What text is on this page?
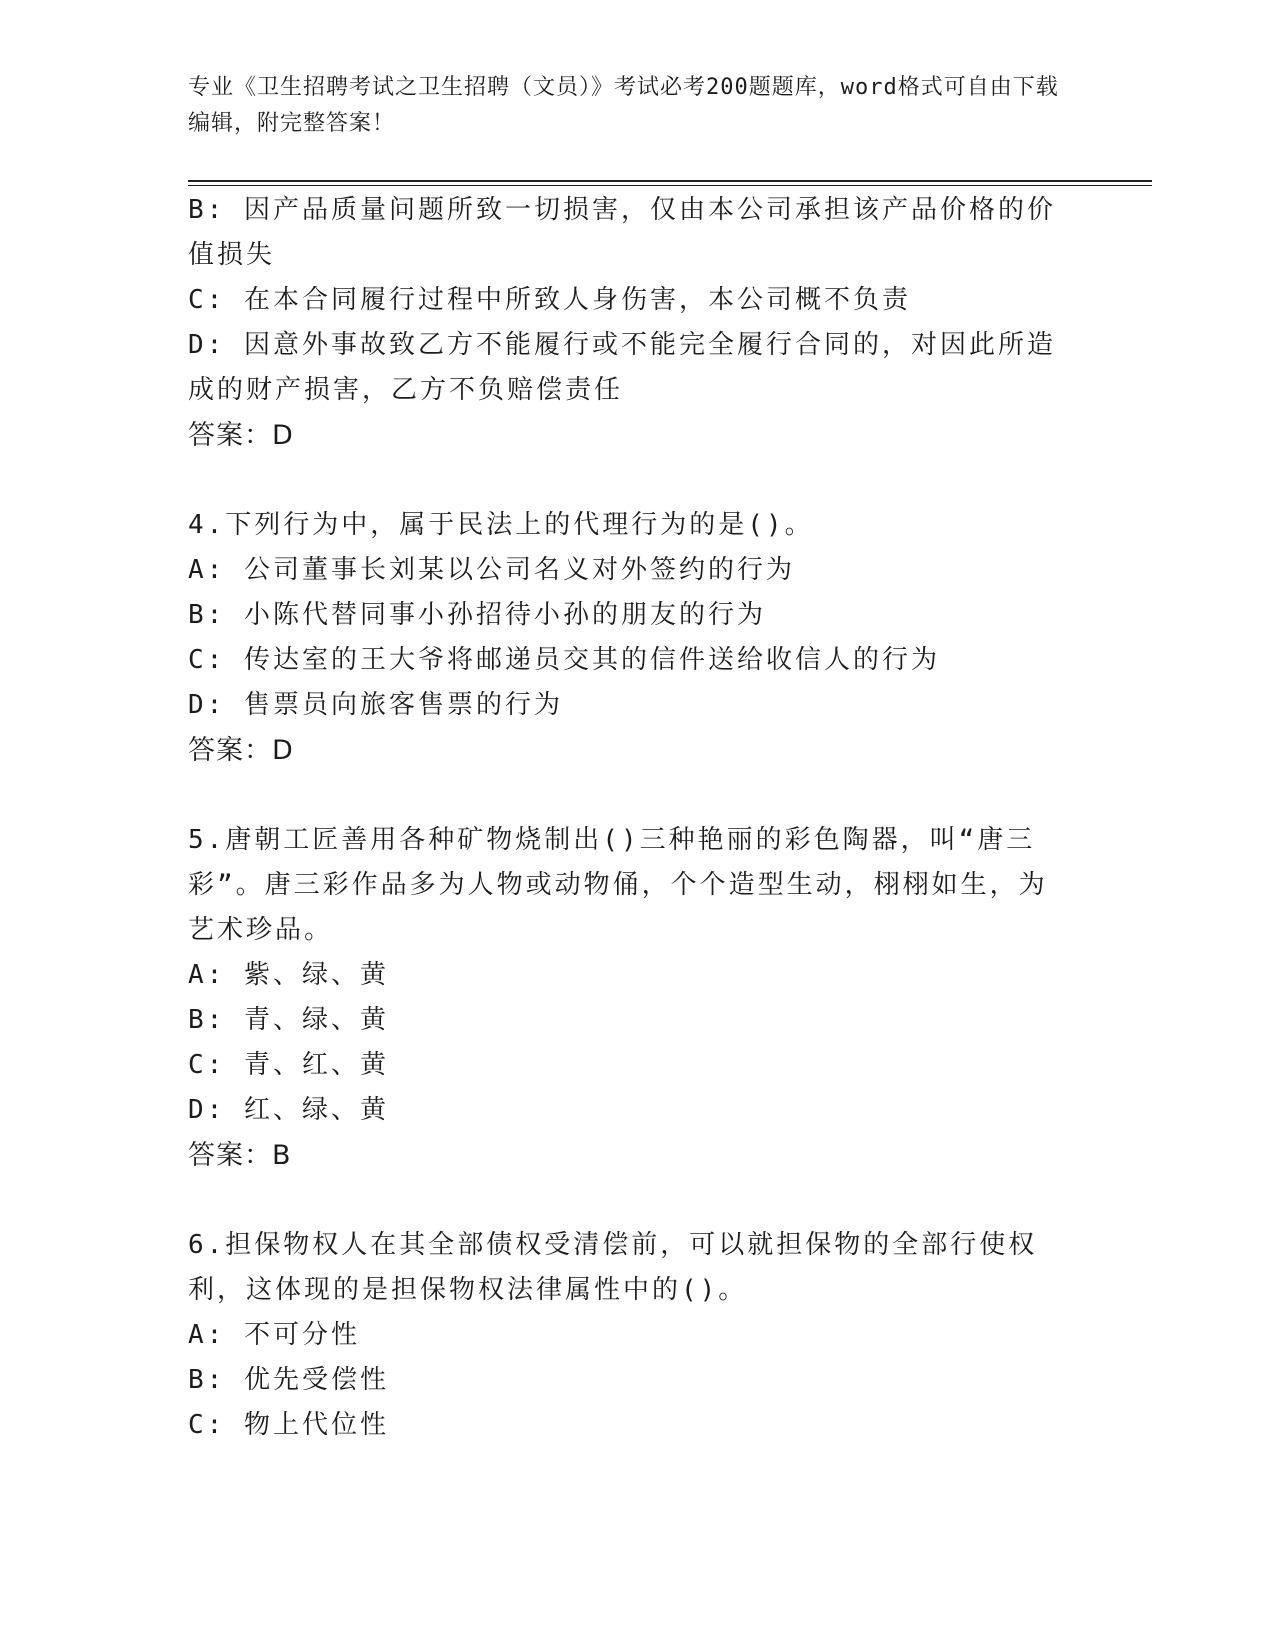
专业《卫生招聘考试之卫生招聘（文员）》考试必考200题题库，word格式可自由下载编辑，附完整答案！

B: 因产品质量问题所致一切损害，仅由本公司承担该产品价格的价值损失

C: 在本合同履行过程中所致人身伤害，本公司概不负责

D: 因意外事故致乙方不能履行或不能完全履行合同的，对因此所造成的财产损害，乙方不负赔偿责任

答案：D

4.下列行为中，属于民法上的代理行为的是()。

A: 公司董事长刘某以公司名义对外签约的行为

B: 小陈代替同事小孙招待小孙的朋友的行为

C: 传达室的王大爷将邮递员交其的信件送给收信人的行为

D: 售票员向旅客售票的行为

答案：D

5.唐朝工匠善用各种矿物烧制出()三种艳丽的彩色陶器，叫“唐三彩”。唐三彩作品多为人物或动物俑，个个造型生动，栩栩如生，为艺术珍品。

A: 紫、绿、黄

B: 青、绿、黄

C: 青、红、黄

D: 红、绿、黄

答案：B

6.担保物权人在其全部债权受清偿前，可以就担保物的全部行使权利，这体现的是担保物权法律属性中的()。

A: 不可分性

B: 优先受偿性

C: 物上代位性
